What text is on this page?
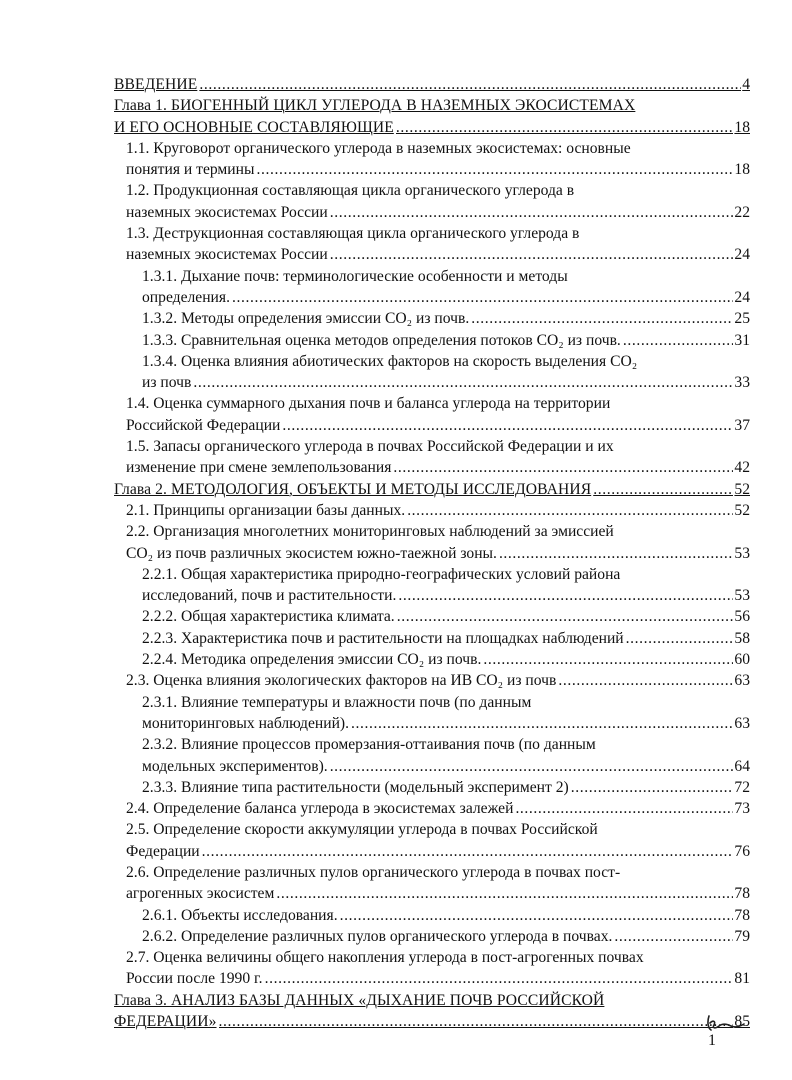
ВВЕДЕНИЕ .....	4
Глава 1. БИОГЕННЫЙ ЦИКЛ УГЛЕРОДА В НАЗЕМНЫХ ЭКОСИСТЕМАХ
И ЕГО ОСНОВНЫЕ СОСТАВЛЯЮЩИЕ .....	18
1.1. Круговорот органического углерода в наземных экосистемах: основные
понятия и термины .....	18
1.2. Продукционная составляющая цикла органического углерода в
наземных экосистемах России .....	22
1.3. Деструкционная составляющая цикла органического углерода в
наземных экосистемах России .....	24
1.3.1. Дыхание почв: терминологические особенности и методы
определения. .....	24
1.3.2. Методы определения эмиссии CO₂ из почв. .....	25
1.3.3. Сравнительная оценка методов определения потоков CO₂ из почв. .....	31
1.3.4. Оценка влияния абиотических факторов на скорость выделения CO₂
из почв .....	33
1.4. Оценка суммарного дыхания почв и баланса углерода на территории
Российской Федерации .....	37
1.5. Запасы органического углерода в почвах Российской Федерации и их
изменение при смене землепользования .....	42
Глава 2. МЕТОДОЛОГИЯ, ОБЪЕКТЫ И МЕТОДЫ ИССЛЕДОВАНИЯ .....	52
2.1. Принципы организации базы данных. .....	52
2.2. Организация многолетних мониторинговых наблюдений за эмиссией
CO₂ из почв различных экосистем южно-таежной зоны. .....	53
2.2.1. Общая характеристика природно-географических условий района
исследований, почв и растительности. .....	53
2.2.2. Общая характеристика климата. .....	56
2.2.3. Характеристика почв и растительности на площадках наблюдений .....	58
2.2.4. Методика определения эмиссии CO₂ из почв. .....	60
2.3. Оценка влияния экологических факторов на ИВ CO₂ из почв .....	63
2.3.1. Влияние температуры и влажности почв (по данным
мониторинговых наблюдений). .....	63
2.3.2. Влияние процессов промерзания-оттаивания почв (по данным
модельных экспериментов). .....	64
2.3.3. Влияние типа растительности (модельный эксперимент 2) .....	72
2.4. Определение баланса углерода в экосистемах залежей .....	73
2.5. Определение скорости аккумуляции углерода в почвах Российской
Федерации .....	76
2.6. Определение различных пулов органического углерода в почвах пост-
агрогенных экосистем .....	78
2.6.1. Объекты исследования. .....	78
2.6.2. Определение различных пулов органического углерода в почвах. .....	79
2.7. Оценка величины общего накопления углерода в пост-агрогенных почвах
России после 1990 г. .....	81
Глава 3. АНАЛИЗ БАЗЫ ДАННЫХ «ДЫХАНИЕ ПОЧВ РОССИЙСКОЙ
ФЕДЕРАЦИИ» .....	85
1
